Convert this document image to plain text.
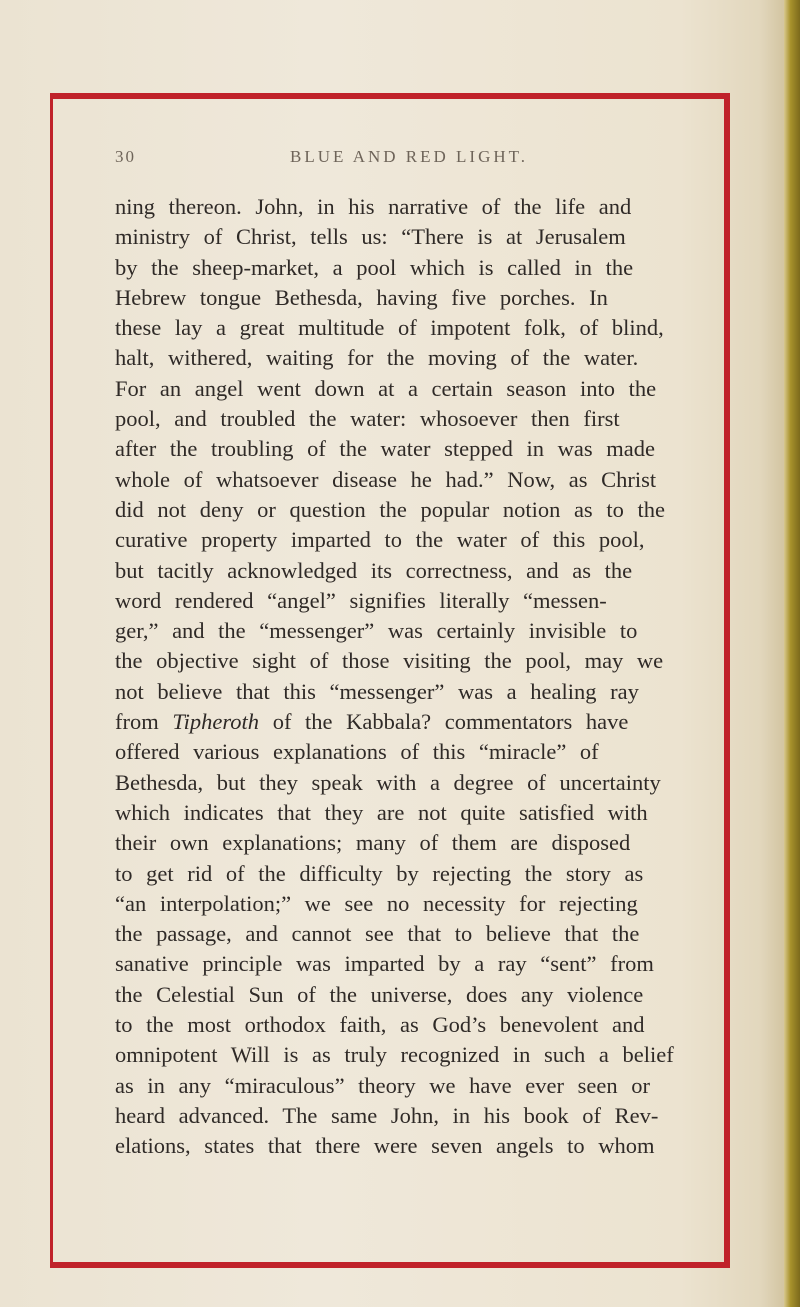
30	BLUE AND RED LIGHT.
ning thereon. John, in his narrative of the life and
ministry of Christ, tells us: “There is at Jerusalem
by the sheep-market, a pool which is called in the
Hebrew tongue Bethesda, having five porches. In
these lay a great multitude of impotent folk, of blind,
halt, withered, waiting for the moving of the water.
For an angel went down at a certain season into the
pool, and troubled the water: whosoever then first
after the troubling of the water stepped in was made
whole of whatsoever disease he had.” Now, as Christ
did not deny or question the popular notion as to the
curative property imparted to the water of this pool,
but tacitly acknowledged its correctness, and as the
word rendered “angel” signifies literally “messen-
ger,” and the “messenger” was certainly invisible to
the objective sight of those visiting the pool, may we
not believe that this “messenger” was a healing ray
from Tipheroth of the Kabbala? commentators have
offered various explanations of this “miracle” of
Bethesda, but they speak with a degree of uncertainty
which indicates that they are not quite satisfied with
their own explanations; many of them are disposed
to get rid of the difficulty by rejecting the story as
“an interpolation;” we see no necessity for rejecting
the passage, and cannot see that to believe that the
sanative principle was imparted by a ray “sent” from
the Celestial Sun of the universe, does any violence
to the most orthodox faith, as God’s benevolent and
omnipotent Will is as truly recognized in such a belief
as in any “miraculous” theory we have ever seen or
heard advanced. The same John, in his book of Rev-
elations, states that there were seven angels to whom
